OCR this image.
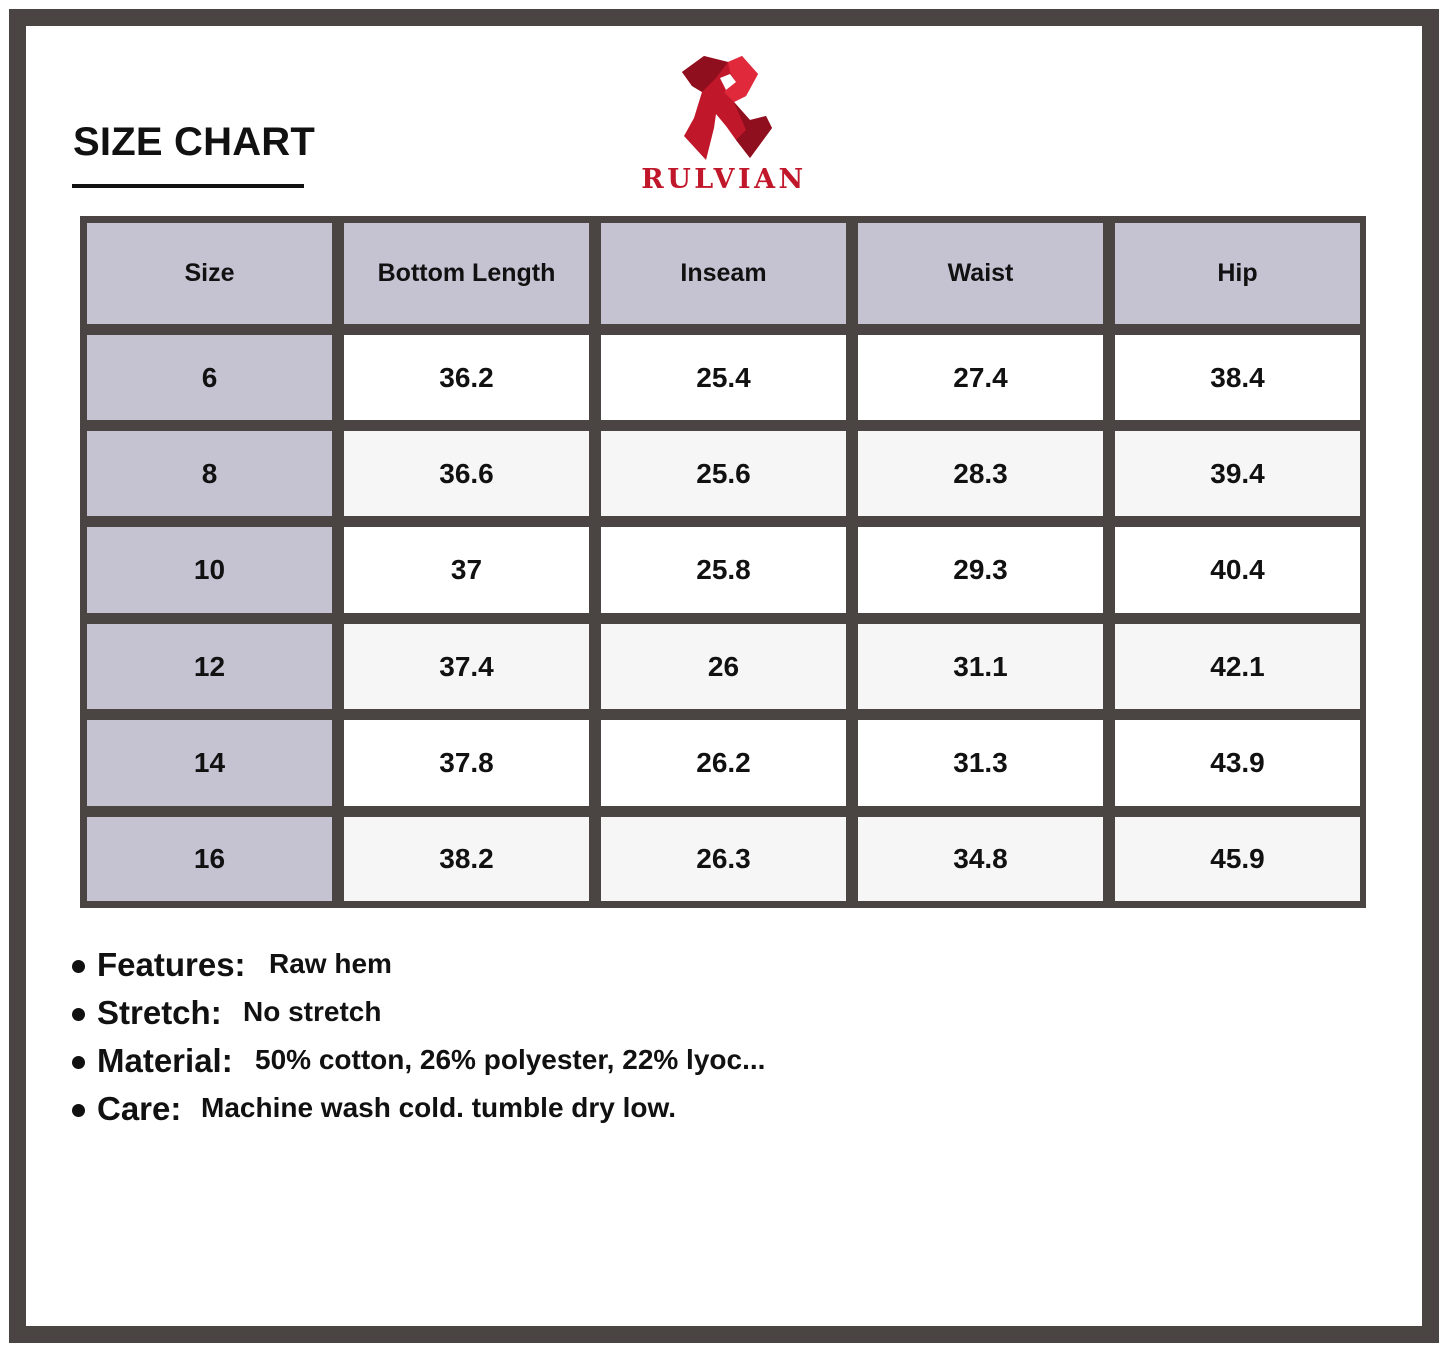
SIZE CHART
RULVIAN
Size	Bottom Length	Inseam	Waist	Hip
6	36.2	25.4	27.4	38.4
8	36.6	25.6	28.3	39.4
10	37	25.8	29.3	40.4
12	37.4	26	31.1	42.1
14	37.8	26.2	31.3	43.9
16	38.2	26.3	34.8	45.9
Features: Raw hem
Stretch: No stretch
Material: 50% cotton, 26% polyester, 22% lyoc...
Care: Machine wash cold. tumble dry low.
